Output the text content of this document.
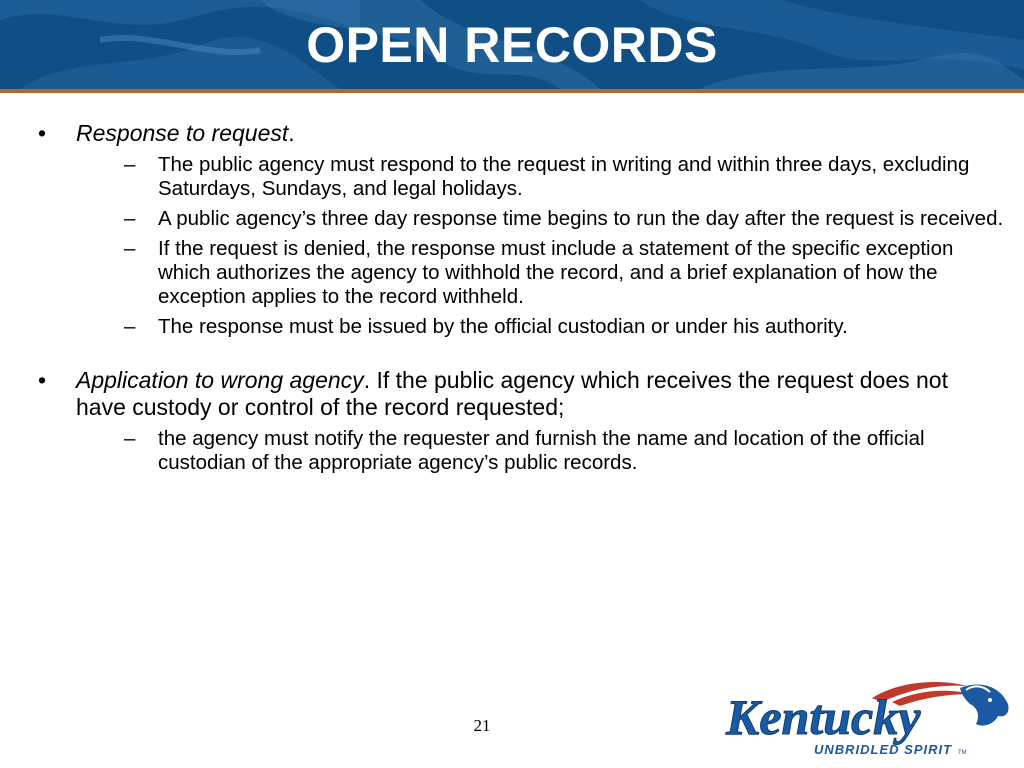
OPEN RECORDS
•	Response to request.
– The public agency must respond to the request in writing and within three days, excluding Saturdays, Sundays, and legal holidays.
– A public agency’s three day response time begins to run the day after the request is received.
– If the request is denied, the response must include a statement of the specific exception which authorizes the agency to withhold the record, and a brief explanation of how the exception applies to the record withheld.
– The response must be issued by the official custodian or under his authority.
•	Application to wrong agency. If the public agency which receives the request does not have custody or control of the record requested;
– the agency must notify the requester and furnish the name and location of the official custodian of the appropriate agency’s public records.
21	Kentucky
UNBRIDLED SPIRIT TM
